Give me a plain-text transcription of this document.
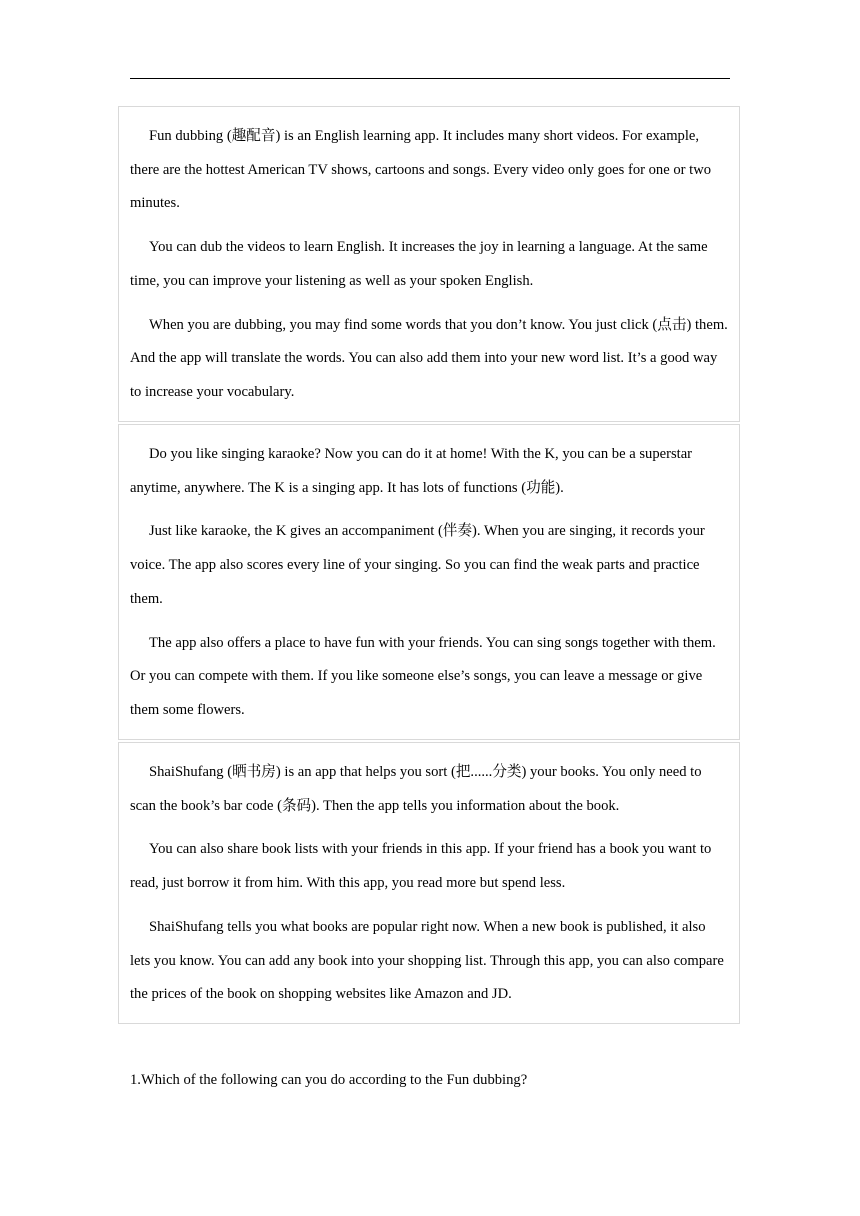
Fun dubbing (趣配音) is an English learning app. It includes many short videos. For example, there are the hottest American TV shows, cartoons and songs. Every video only goes for one or two minutes.

You can dub the videos to learn English. It increases the joy in learning a language. At the same time, you can improve your listening as well as your spoken English.

When you are dubbing, you may find some words that you don’t know. You just click (点击) them. And the app will translate the words. You can also add them into your new word list. It’s a good way to increase your vocabulary.

Do you like singing karaoke? Now you can do it at home! With the K, you can be a superstar anytime, anywhere. The K is a singing app. It has lots of functions (功能).

Just like karaoke, the K gives an accompaniment (伴奏). When you are singing, it records your voice. The app also scores every line of your singing. So you can find the weak parts and practice them.

The app also offers a place to have fun with your friends. You can sing songs together with them. Or you can compete with them. If you like someone else’s songs, you can leave a message or give them some flowers.

ShaiShufang (晒书房) is an app that helps you sort (把......分类) your books. You only need to scan the book’s bar code (条码). Then the app tells you information about the book.

You can also share book lists with your friends in this app. If your friend has a book you want to read, just borrow it from him. With this app, you read more but spend less.

ShaiShufang tells you what books are popular right now. When a new book is published, it also lets you know. You can add any book into your shopping list. Through this app, you can also compare the prices of the book on shopping websites like Amazon and JD.

1.Which of the following can you do according to the Fun dubbing?
